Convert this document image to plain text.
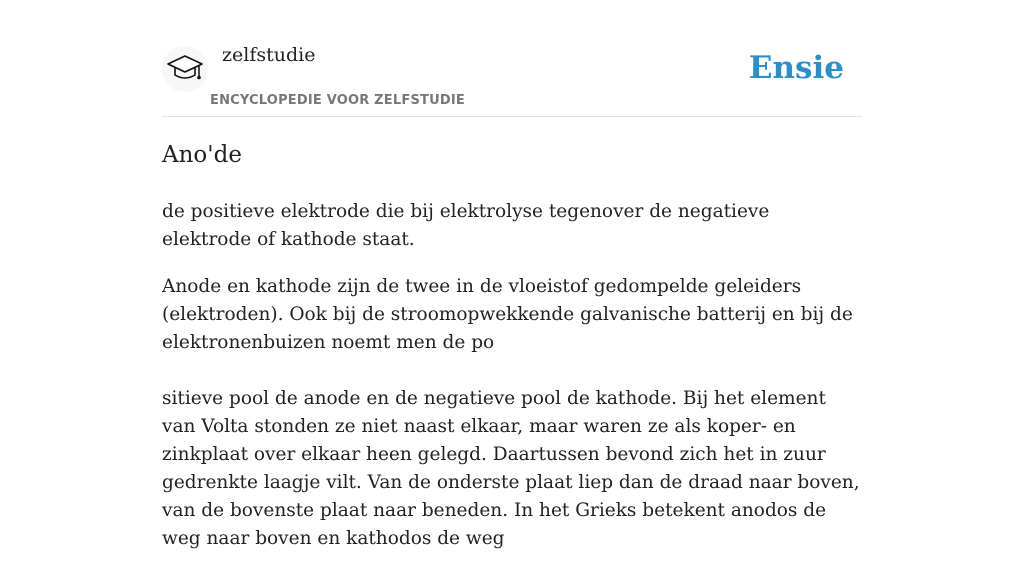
zelfstudie
ENCYCLOPEDIE VOOR ZELFSTUDIE
Ensie
Ano'de

de positieve elektrode die bij elektrolyse tegenover de negatieve elektrode of kathode staat.

Anode en kathode zijn de twee in de vloeistof gedompelde geleiders (elektroden). Ook bij de stroomopwekkende galvanische batterij en bij de elektronenbuizen noemt men de po

sitieve pool de anode en de negatieve pool de kathode. Bij het element van Volta stonden ze niet naast elkaar, maar waren ze als koper- en zinkplaat over elkaar heen gelegd. Daartussen bevond zich het in zuur gedrenkte laagje vilt. Van de onderste plaat liep dan de draad naar boven, van de bovenste plaat naar beneden. In het Grieks betekent anodos de weg naar boven en kathodos de weg
